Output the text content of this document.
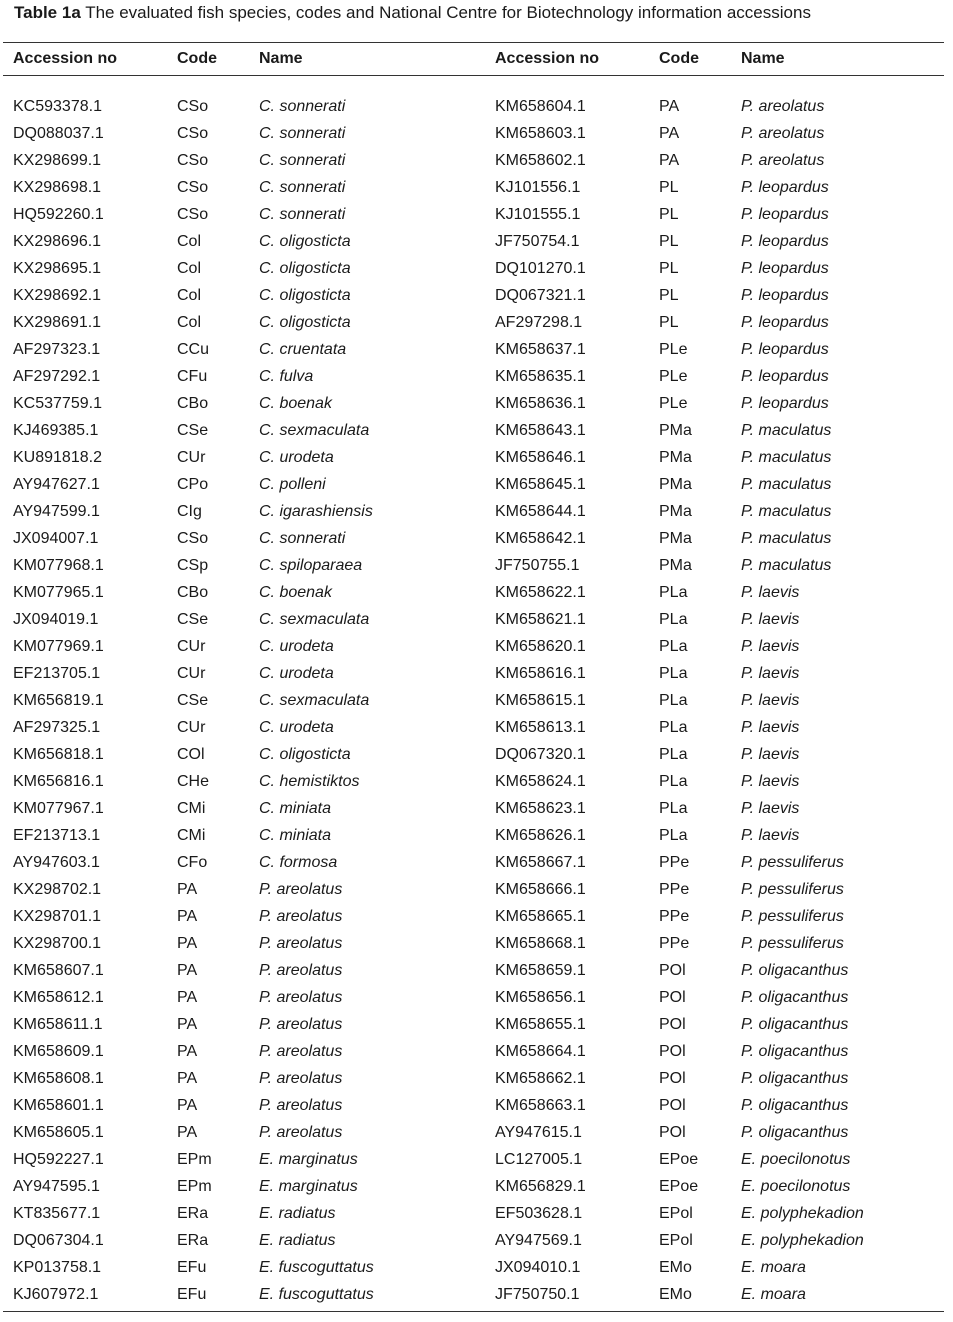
Table 1a The evaluated fish species, codes and National Centre for Biotechnology information accessions
Accession no	Code	Name	Accession no	Code	Name
KC593378.1	CSo	C. sonnerati	KM658604.1	PA	P. areolatus
DQ088037.1	CSo	C. sonnerati	KM658603.1	PA	P. areolatus
KX298699.1	CSo	C. sonnerati	KM658602.1	PA	P. areolatus
KX298698.1	CSo	C. sonnerati	KJ101556.1	PL	P. leopardus
HQ592260.1	CSo	C. sonnerati	KJ101555.1	PL	P. leopardus
KX298696.1	Col	C. oligosticta	JF750754.1	PL	P. leopardus
KX298695.1	Col	C. oligosticta	DQ101270.1	PL	P. leopardus
KX298692.1	Col	C. oligosticta	DQ067321.1	PL	P. leopardus
KX298691.1	Col	C. oligosticta	AF297298.1	PL	P. leopardus
AF297323.1	CCu	C. cruentata	KM658637.1	PLe	P. leopardus
AF297292.1	CFu	C. fulva	KM658635.1	PLe	P. leopardus
KC537759.1	CBo	C. boenak	KM658636.1	PLe	P. leopardus
KJ469385.1	CSe	C. sexmaculata	KM658643.1	PMa	P. maculatus
KU891818.2	CUr	C. urodeta	KM658646.1	PMa	P. maculatus
AY947627.1	CPo	C. polleni	KM658645.1	PMa	P. maculatus
AY947599.1	CIg	C. igarashiensis	KM658644.1	PMa	P. maculatus
JX094007.1	CSo	C. sonnerati	KM658642.1	PMa	P. maculatus
KM077968.1	CSp	C. spiloparaea	JF750755.1	PMa	P. maculatus
KM077965.1	CBo	C. boenak	KM658622.1	PLa	P. laevis
JX094019.1	CSe	C. sexmaculata	KM658621.1	PLa	P. laevis
KM077969.1	CUr	C. urodeta	KM658620.1	PLa	P. laevis
EF213705.1	CUr	C. urodeta	KM658616.1	PLa	P. laevis
KM656819.1	CSe	C. sexmaculata	KM658615.1	PLa	P. laevis
AF297325.1	CUr	C. urodeta	KM658613.1	PLa	P. laevis
KM656818.1	COl	C. oligosticta	DQ067320.1	PLa	P. laevis
KM656816.1	CHe	C. hemistiktos	KM658624.1	PLa	P. laevis
KM077967.1	CMi	C. miniata	KM658623.1	PLa	P. laevis
EF213713.1	CMi	C. miniata	KM658626.1	PLa	P. laevis
AY947603.1	CFo	C. formosa	KM658667.1	PPe	P. pessuliferus
KX298702.1	PA	P. areolatus	KM658666.1	PPe	P. pessuliferus
KX298701.1	PA	P. areolatus	KM658665.1	PPe	P. pessuliferus
KX298700.1	PA	P. areolatus	KM658668.1	PPe	P. pessuliferus
KM658607.1	PA	P. areolatus	KM658659.1	POl	P. oligacanthus
KM658612.1	PA	P. areolatus	KM658656.1	POl	P. oligacanthus
KM658611.1	PA	P. areolatus	KM658655.1	POl	P. oligacanthus
KM658609.1	PA	P. areolatus	KM658664.1	POl	P. oligacanthus
KM658608.1	PA	P. areolatus	KM658662.1	POl	P. oligacanthus
KM658601.1	PA	P. areolatus	KM658663.1	POl	P. oligacanthus
KM658605.1	PA	P. areolatus	AY947615.1	POl	P. oligacanthus
HQ592227.1	EPm	E. marginatus	LC127005.1	EPoe	E. poecilonotus
AY947595.1	EPm	E. marginatus	KM656829.1	EPoe	E. poecilonotus
KT835677.1	ERa	E. radiatus	EF503628.1	EPol	E. polyphekadion
DQ067304.1	ERa	E. radiatus	AY947569.1	EPol	E. polyphekadion
KP013758.1	EFu	E. fuscoguttatus	JX094010.1	EMo	E. moara
KJ607972.1	EFu	E. fuscoguttatus	JF750750.1	EMo	E. moara
